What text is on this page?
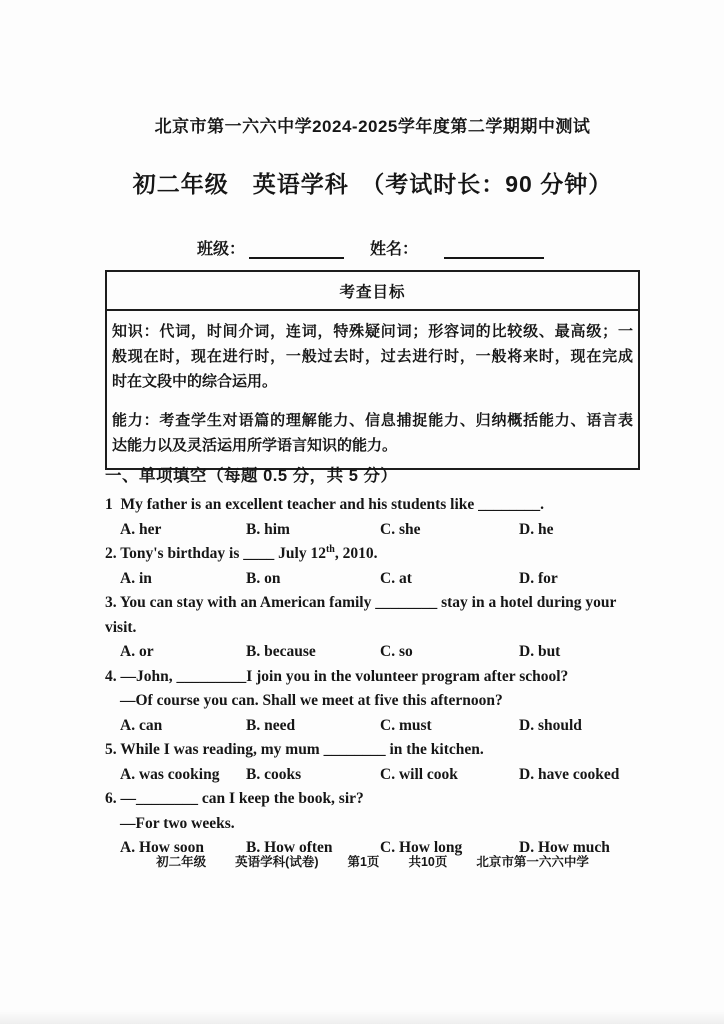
北京市第一六六中学2024-2025学年度第二学期期中测试
初二年级　英语学科　（考试时长：90 分钟）
班级：	姓名：
考查目标
知识：代词，时间介词，连词，特殊疑问词；形容词的比较级、最高级；一
般现在时，现在进行时，一般过去时，过去进行时，一般将来时，现在完成
时在文段中的综合运用。
能力：考查学生对语篇的理解能力、信息捕捉能力、归纳概括能力、语言表
达能力以及灵活运用所学语言知识的能力。
一、单项填空（每题 0.5 分，共 5 分）
1  My father is an excellent teacher and his students like ________.
A. her	B. him	C. she	D. he
2. Tony's birthday is ____ July 12th, 2010.
A. in	B. on	C. at	D. for
3. You can stay with an American family ________ stay in a hotel during your
visit.
A. or	B. because	C. so	D. but
4. —John, _________I join you in the volunteer program after school?
—Of course you can. Shall we meet at five this afternoon?
A. can	B. need	C. must	D. should
5. While I was reading, my mum ________ in the kitchen.
A. was cooking	B. cooks	C. will cook	D. have cooked
6. —________ can I keep the book, sir?
—For two weeks.
A. How soon	B. How often	C. How long	D. How much
初二年级 英语学科(试卷) 第1页 共10页 北京市第一六六中学
